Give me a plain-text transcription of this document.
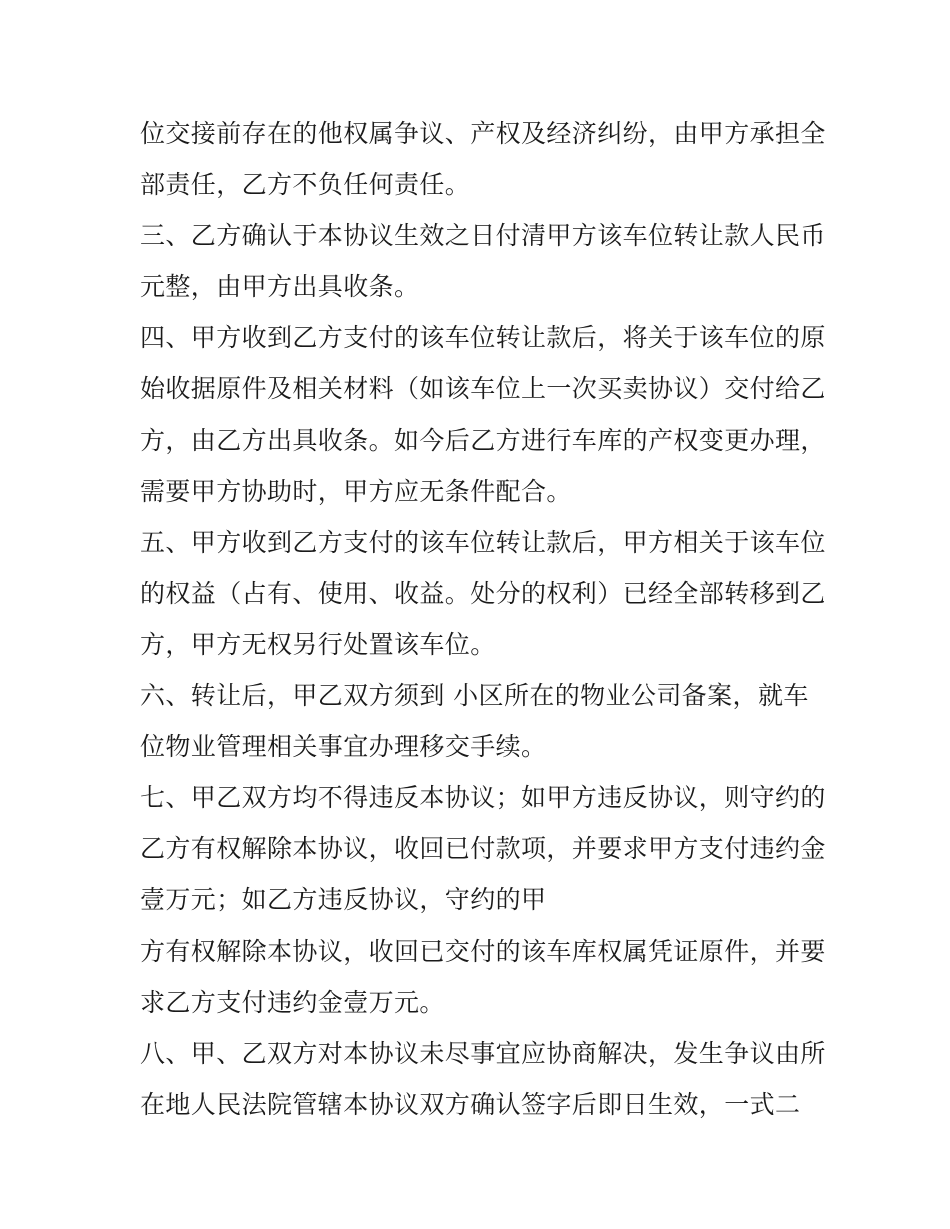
位交接前存在的他权属争议、产权及经济纠纷，由甲方承担全
部责任，乙方不负任何责任。
三、乙方确认于本协议生效之日付清甲方该车位转让款人民币
元整，由甲方出具收条。
四、甲方收到乙方支付的该车位转让款后，将关于该车位的原
始收据原件及相关材料（如该车位上一次买卖协议）交付给乙
方，由乙方出具收条。如今后乙方进行车库的产权变更办理，
需要甲方协助时，甲方应无条件配合。
五、甲方收到乙方支付的该车位转让款后，甲方相关于该车位
的权益（占有、使用、收益。处分的权利）已经全部转移到乙
方，甲方无权另行处置该车位。
六、转让后，甲乙双方须到 小区所在的物业公司备案，就车
位物业管理相关事宜办理移交手续。
七、甲乙双方均不得违反本协议；如甲方违反协议，则守约的
乙方有权解除本协议，收回已付款项，并要求甲方支付违约金
壹万元；如乙方违反协议，守约的甲
方有权解除本协议，收回已交付的该车库权属凭证原件，并要
求乙方支付违约金壹万元。
八、甲、乙双方对本协议未尽事宜应协商解决，发生争议由所
在地人民法院管辖本协议双方确认签字后即日生效，一式二
